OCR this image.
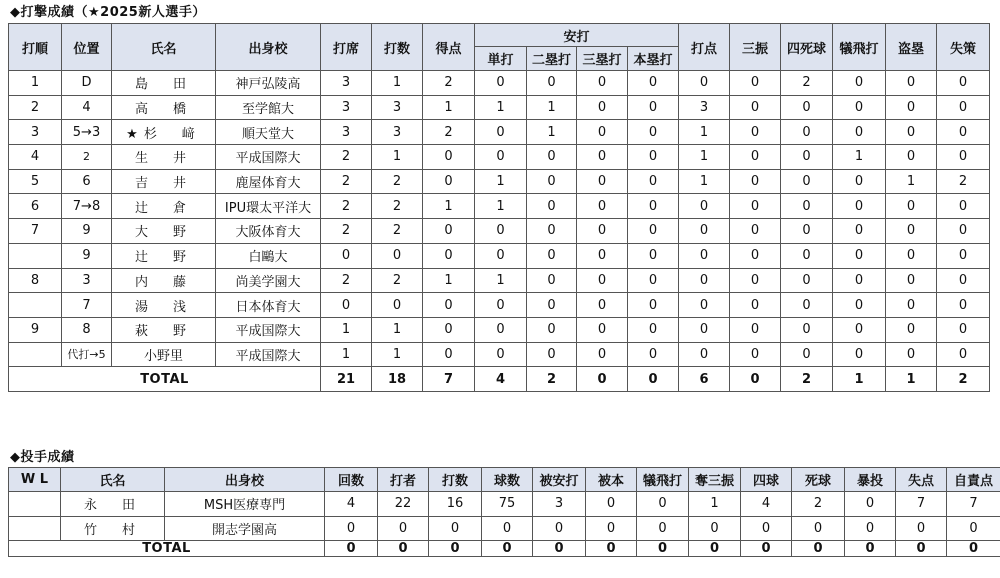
◆打撃成績（★2025新人選手）
打順	位置	氏名	出身校	打席	打数	得点	安打				打点	三振	四死球	犠飛打	盗塁	失策
							単打	二塁打	三塁打	本塁打						
1	D	島　田	神戸弘陵高	3	1	2	0	0	0	0	0	0	2	0	0	0
2	4	高　橋	至学館大	3	3	1	1	1	0	0	3	0	0	0	0	0
3	5→3	★杉　﨑	順天堂大	3	3	2	0	1	0	0	1	0	0	0	0	0
4	2	生　井	平成国際大	2	1	0	0	0	0	0	1	0	0	1	0	0
5	6	吉　井	鹿屋体育大	2	2	0	1	0	0	0	1	0	0	0	1	2
6	7→8	辻　倉	IPU環太平洋大	2	2	1	1	0	0	0	0	0	0	0	0	0
7	9	大　野	大阪体育大	2	2	0	0	0	0	0	0	0	0	0	0	0
	9	辻　野	白鷗大	0	0	0	0	0	0	0	0	0	0	0	0	0
8	3	内　藤	尚美学園大	2	2	1	1	0	0	0	0	0	0	0	0	0
	7	湯　浅	日本体育大	0	0	0	0	0	0	0	0	0	0	0	0	0
9	8	萩　野	平成国際大	1	1	0	0	0	0	0	0	0	0	0	0	0
	代打→5	小野里	平成国際大	1	1	0	0	0	0	0	0	0	0	0	0	0
TOTAL				21	18	7	4	2	0	0	6	0	2	1	1	2
◆投手成績
W L	氏名	出身校	回数	打者	打数	球数	被安打	被本	犠飛打	奪三振	四球	死球	暴投	失点	自責点
	永　田	MSH医療専門	4	22	16	75	3	0	0	1	4	2	0	7	7
	竹　村	開志学園高	0	0	0	0	0	0	0	0	0	0	0	0	0
TOTAL			0	0	0	0	0	0	0	0	0	0	0	0	0
